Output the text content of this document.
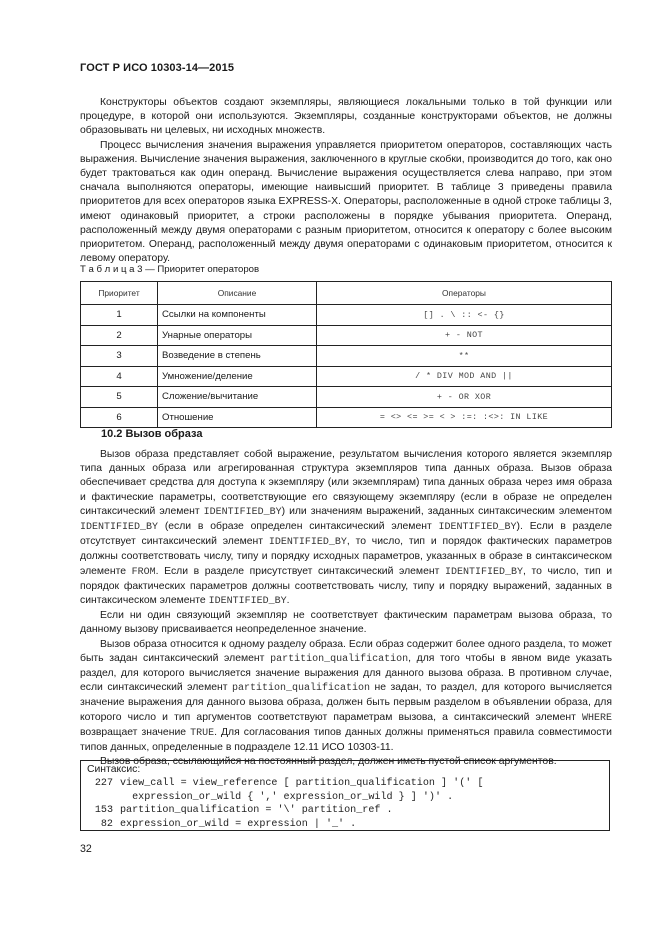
ГОСТ Р ИСО 10303-14—2015

Конструкторы объектов создают экземпляры, являющиеся локальными только в той функции или процедуре, в которой они используются. Экземпляры, созданные конструкторами объектов, не должны образовывать ни целевых, ни исходных множеств.

Процесс вычисления значения выражения управляется приоритетом операторов, составляющих часть выражения. Вычисление значения выражения, заключенного в круглые скобки, производится до того, как оно будет трактоваться как один операнд. Вычисление выражения осуществляется слева направо, при этом сначала выполняются операторы, имеющие наивысший приоритет. В таблице 3 приведены правила приоритетов для всех операторов языка EXPRESS-X. Операторы, расположенные в одной строке таблицы 3, имеют одинаковый приоритет, а строки расположены в порядке убывания приоритета. Операнд, расположенный между двумя операторами с разным приоритетом, относится к оператору с более высоким приоритетом. Операнд, расположенный между двумя операторами с одинаковым приоритетом, относится к левому оператору.

Т а б л и ц а 3 — Приоритет операторов
Приоритет	Описание	Операторы
1	Ссылки на компоненты	[] . \ :: <- {}
2	Унарные операторы	+ - NOT
3	Возведение в степень	**
4	Умножение/деление	/ * DIV MOD AND ||
5	Сложение/вычитание	+ - OR XOR
6	Отношение	= <> <= >= < > :=: :<>: IN LIKE
10.2 Вызов образа

Вызов образа представляет собой выражение, результатом вычисления которого является экземпляр типа данных образа или агрегированная структура экземпляров типа данных образа. Вызов образа обеспечивает средства для доступа к экземпляру (или экземплярам) типа данных образа через имя образа и фактические параметры, соответствующие его связующему экземпляру (если в образе не определен синтаксический элемент IDENTIFIED_BY) или значениям выражений, заданных синтаксическим элементом IDENTIFIED_BY (если в образе определен синтаксический элемент IDENTIFIED_BY). Если в разделе отсутствует синтаксический элемент IDENTIFIED_BY, то число, тип и порядок фактических параметров должны соответствовать числу, типу и порядку исходных параметров, указанных в образе в синтаксическом элементе FROM. Если в разделе присутствует синтаксический элемент IDENTIFIED_BY, то число, тип и порядок фактических параметров должны соответствовать числу, типу и порядку выражений, заданных в синтаксическом элементе IDENTIFIED_BY.

Если ни один связующий экземпляр не соответствует фактическим параметрам вызова образа, то данному вызову присваивается неопределенное значение.

Вызов образа относится к одному разделу образа. Если образ содержит более одного раздела, то может быть задан синтаксический элемент partition_qualification, для того чтобы в явном виде указать раздел, для которого вычисляется значение выражения для данного вызова образа. В противном случае, если синтаксический элемент partition_qualification не задан, то раздел, для которого вычисляется значение выражения для данного вызова образа, должен быть первым разделом в объявлении образа, для которого число и тип аргументов соответствуют параметрам вызова, а синтаксический элемент WHERE возвращает значение TRUE. Для согласования типов данных должны применяться правила совместимости типов данных, определенные в подразделе 12.11 ИСО 10303-11.

Вызов образа, ссылающийся на постоянный раздел, должен иметь пустой список аргументов.

Синтаксис:
227 view_call = view_reference [ partition_qualification ] '(' [
expression_or_wild { ',' expression_or_wild } ] ')' .
153 partition_qualification = '\' partition_ref .
82 expression_or_wild = expression | '_' .
32
